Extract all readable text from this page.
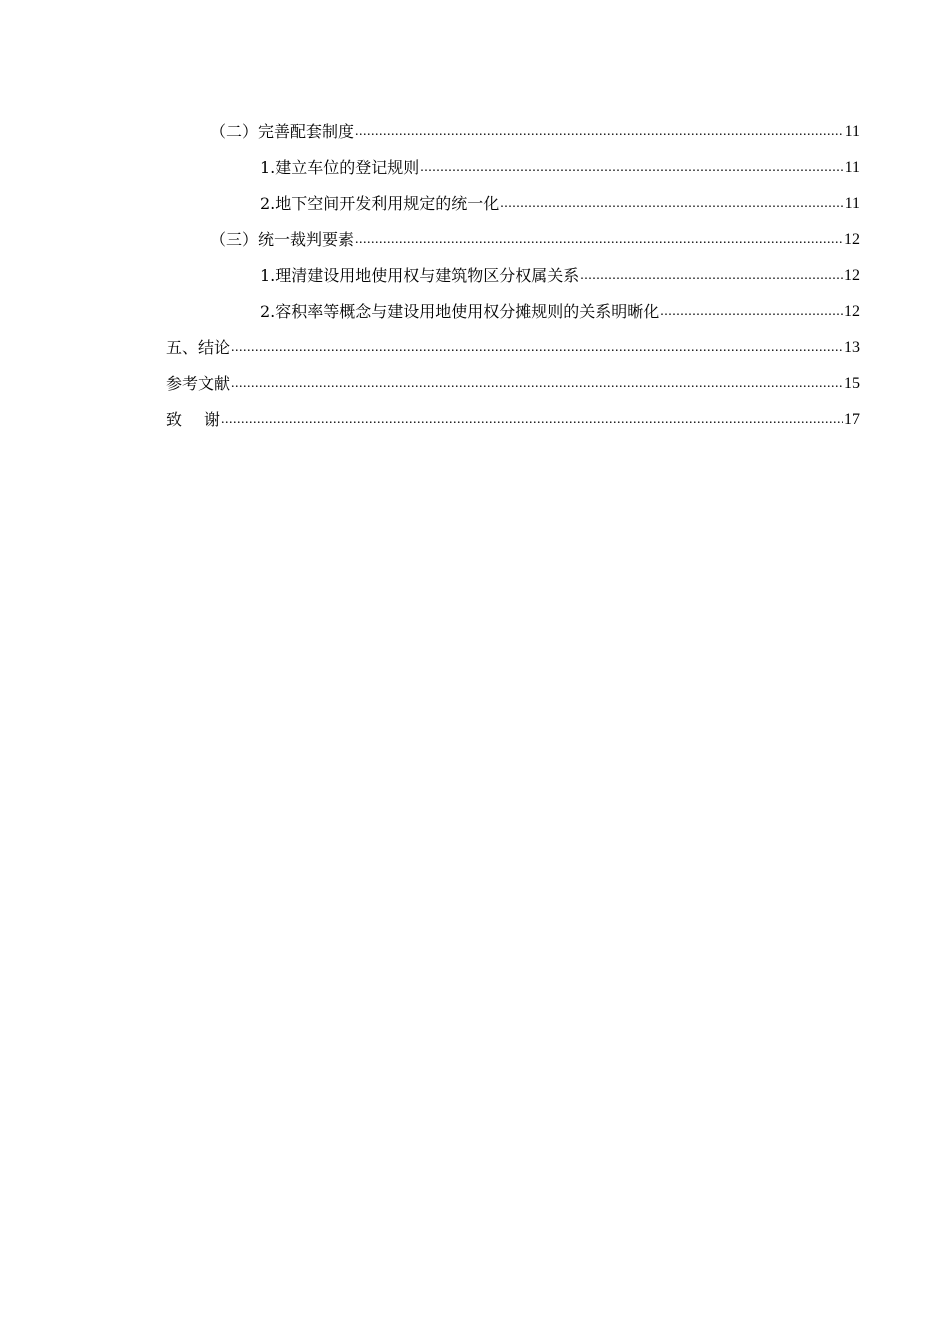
（二）完善配套制度 .....	11
1.建立车位的登记规则 .....	11
2.地下空间开发利用规定的统一化 .....	11
（三）统一裁判要素 .....	12
1.理清建设用地使用权与建筑物区分权属关系 .....	12
2.容积率等概念与建设用地使用权分摊规则的关系明晰化 .....	12
五、结论 .....	13
参考文献 .....	15
致 谢 .....	17
